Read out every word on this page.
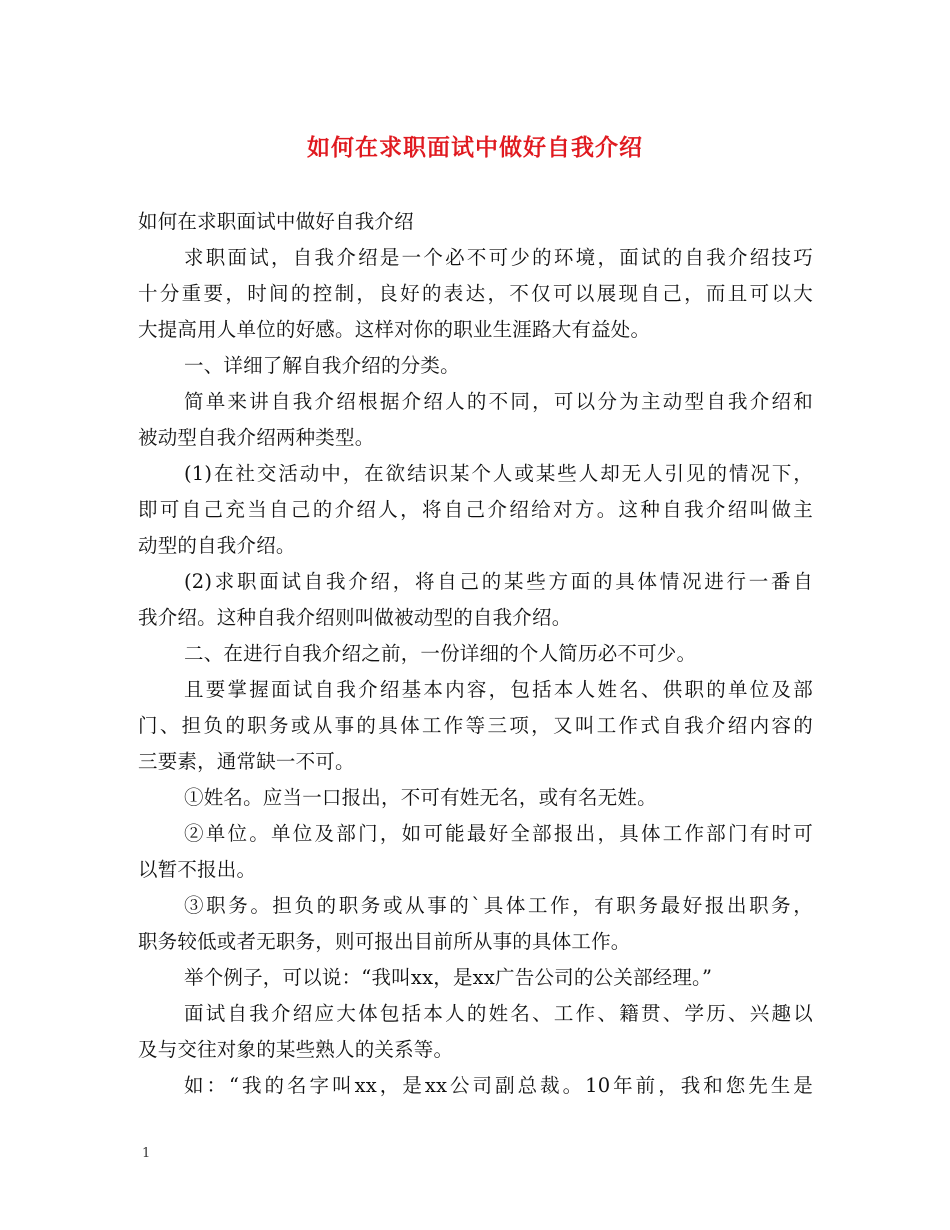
如何在求职面试中做好自我介绍
如何在求职面试中做好自我介绍
求职面试，自我介绍是一个必不可少的环境，面试的自我介绍技巧
十分重要，时间的控制，良好的表达，不仅可以展现自己，而且可以大
大提高用人单位的好感。这样对你的职业生涯路大有益处。
一、详细了解自我介绍的分类。
简单来讲自我介绍根据介绍人的不同，可以分为主动型自我介绍和
被动型自我介绍两种类型。
(1)在社交活动中，在欲结识某个人或某些人却无人引见的情况下，
即可自己充当自己的介绍人，将自己介绍给对方。这种自我介绍叫做主
动型的自我介绍。
(2)求职面试自我介绍，将自己的某些方面的具体情况进行一番自
我介绍。这种自我介绍则叫做被动型的自我介绍。
二、在进行自我介绍之前，一份详细的个人简历必不可少。
且要掌握面试自我介绍基本内容，包括本人姓名、供职的单位及部
门、担负的职务或从事的具体工作等三项，又叫工作式自我介绍内容的
三要素，通常缺一不可。
①姓名。应当一口报出，不可有姓无名，或有名无姓。
②单位。单位及部门，如可能最好全部报出，具体工作部门有时可
以暂不报出。
③职务。担负的职务或从事的`具体工作，有职务最好报出职务，
职务较低或者无职务，则可报出目前所从事的具体工作。
举个例子，可以说：“我叫xx，是xx广告公司的公关部经理。”
面试自我介绍应大体包括本人的姓名、工作、籍贯、学历、兴趣以
及与交往对象的某些熟人的关系等。
如：“我的名字叫xx，是xx公司副总裁。10年前，我和您先生是
1
